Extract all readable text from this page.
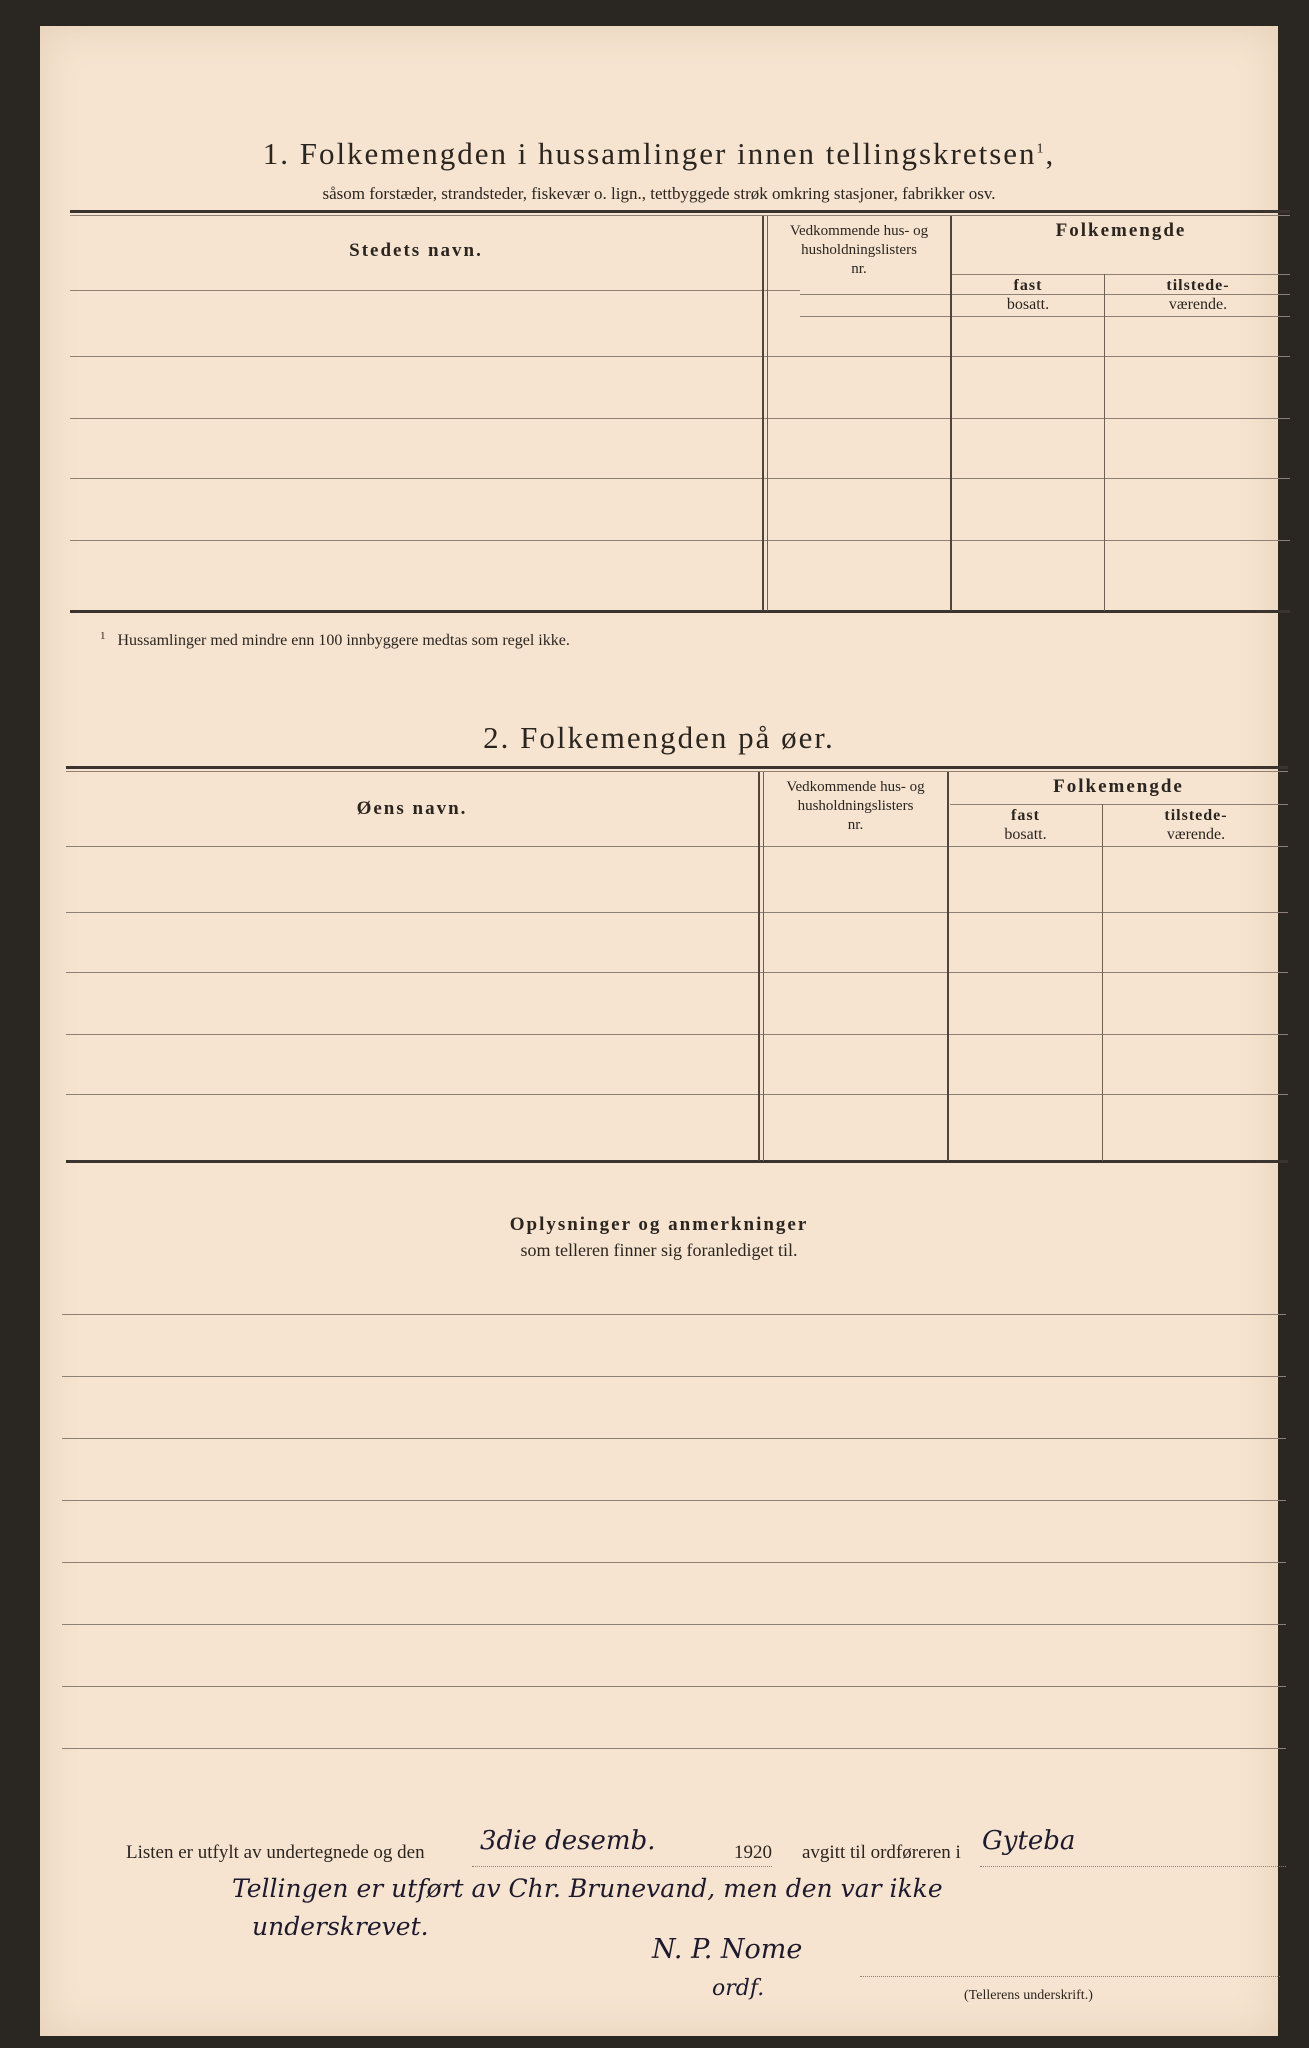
1. Folkemengden i hussamlinger innen tellingskretsen$^1$,
såsom forstæder, strandsteder, fiskevær o. lign., tettbyggede strøk omkring stasjoner, fabrikker osv.
Stedets navn.
Vedkommende hus- og
husholdningslisters
nr.
Folkemengde
fast
bosatt.
tilstede-
værende.
$^1$ Hussamlinger med mindre enn 100 innbyggere medtas som regel ikke.
2. Folkemengden på øer.
Øens navn.
Vedkommende hus- og
husholdningslisters
nr.
Folkemengde
fast
bosatt.
tilstede-
værende.
Oplysninger og anmerkninger
som telleren finner sig foranlediget til.
Listen er utfylt av undertegnede og den 3die desemb.	1920 avgitt til ordføreren i Gyteba
Tellingen er utført av Chr. Brunevand, men den var ikke
underskrevet.
N. P. Nome
ordf.	(Tellerens underskrift.)
